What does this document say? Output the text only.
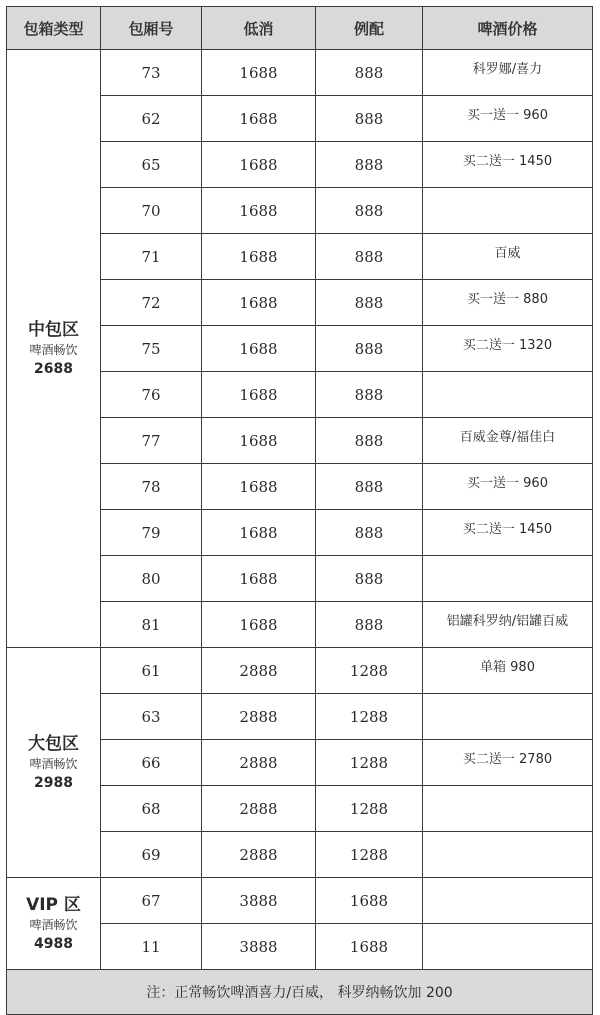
包箱类型	包厢号	低消	例配	啤酒价格

中包区
啤酒畅饮
2688	73	1688	888	科罗娜/喜力
	62	1688	888	买一送一 960
	65	1688	888	买二送一 1450
	70	1688	888	
	71	1688	888	百威
	72	1688	888	买一送一 880
	75	1688	888	买二送一 1320
	76	1688	888	
	77	1688	888	百威金尊/福佳白
	78	1688	888	买一送一 960
	79	1688	888	买二送一 1450
	80	1688	888	
	81	1688	888	铝罐科罗纳/铝罐百威

大包区
啤酒畅饮
2988	61	2888	1288	单箱 980
	63	2888	1288	
	66	2888	1288	买二送一 2780
	68	2888	1288	
	69	2888	1288	

VIP 区
啤酒畅饮
4988	67	3888	1688	
	11	3888	1688	
注：正常畅饮啤酒喜力/百威， 科罗纳畅饮加 200				
